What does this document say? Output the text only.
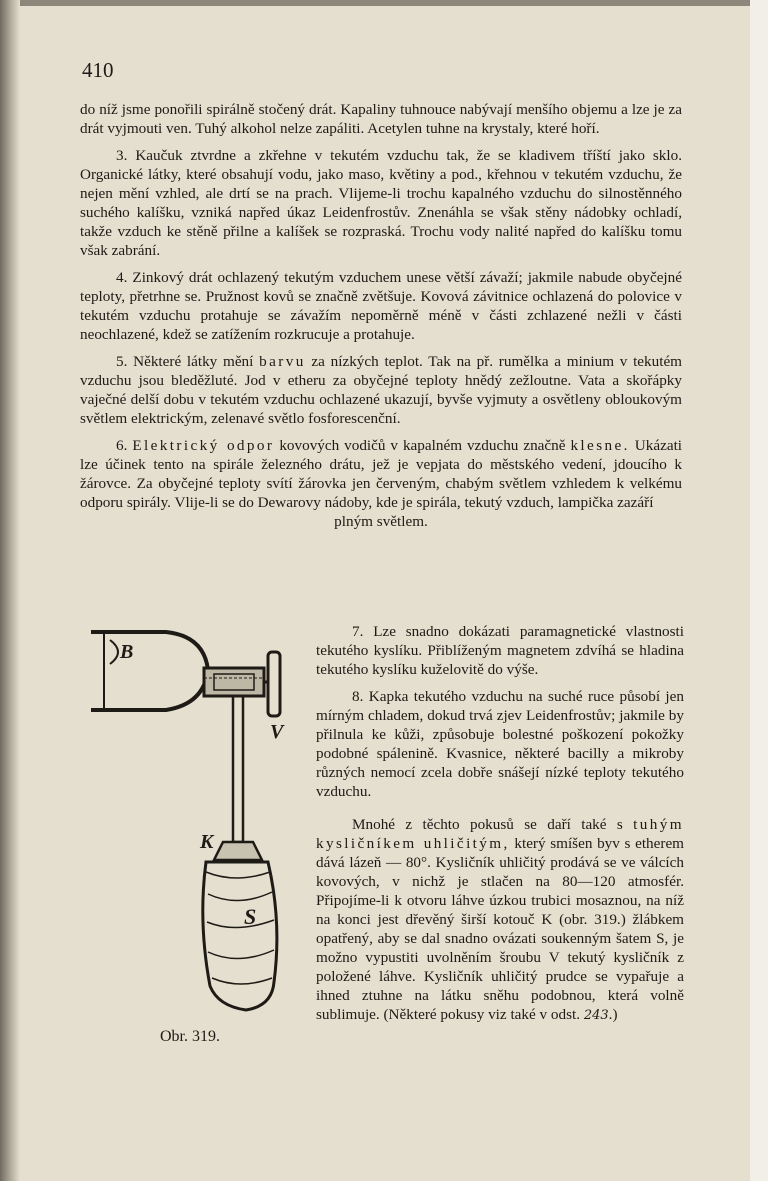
410

do níž jsme ponořili spirálně stočený drát. Kapaliny tuhnouce nabývají menšího objemu a lze je za drát vyjmouti ven. Tuhý alkohol nelze zapáliti. Acetylen tuhne na krystaly, které hoří.

3. Kaučuk ztvrdne a zkřehne v tekutém vzduchu tak, že se kladivem tříští jako sklo. Organické látky, které obsahují vodu, jako maso, květiny a pod., křehnou v tekutém vzduchu, že nejen mění vzhled, ale drtí se na prach. Vlijeme-li trochu kapalného vzduchu do silnostěnného suchého kalíšku, vzniká napřed úkaz Leidenfrostův. Znenáhla se však stěny nádobky ochladí, takže vzduch ke stěně přilne a kalíšek se rozpraská. Trochu vody nalité napřed do kalíšku tomu však zabrání.

4. Zinkový drát ochlazený tekutým vzduchem unese větší závaží; jakmile nabude obyčejné teploty, přetrhne se. Pružnost kovů se značně zvětšuje. Kovová závitnice ochlazená do polovice v tekutém vzduchu protahuje se závažím nepoměrně méně v části zchlazené nežli v části neochlazené, kdež se zatížením rozkrucuje a protahuje.

5. Některé látky mění barvu za nízkých teplot. Tak na př. rumělka a minium v tekutém vzduchu jsou bleděžluté. Jod v etheru za obyčejné teploty hnědý zežloutne. Vata a skořápky vaječné delší dobu v tekutém vzduchu ochlazené ukazují, byvše vyjmuty a osvětleny obloukovým světlem elektrickým, zelenavé světlo fosforescenční.

6. Elektrický odpor kovových vodičů v kapalném vzduchu značně klesne. Ukázati lze účinek tento na spirále železného drátu, jež je vepjata do městského vedení, jdoucího k žárovce. Za obyčejné teploty svítí žárovka jen červeným, chabým světlem vzhledem k velkému odporu spirály. Vlije-li se do Dewarovy nádoby, kde je spirála, tekutý vzduch, lampička zazáří

plným světlem.

B
V
K
S
Obr. 319.

7. Lze snadno dokázati paramagnetické vlastnosti tekutého kyslíku. Přiblíženým magnetem zdvíhá se hladina tekutého kyslíku kuželovitě do výše.

8. Kapka tekutého vzduchu na suché ruce působí jen mírným chladem, dokud trvá zjev Leidenfrostův; jakmile by přilnula ke kůži, způsobuje bolestné poškození pokožky podobné spálenině. Kvasnice, některé bacilly a mikroby různých nemocí zcela dobře snášejí nízké teploty tekutého vzduchu.

Mnohé z těchto pokusů se daří také s tuhým kysličníkem uhličitým, který smíšen byv s etherem dává lázeň — 80°. Kysličník uhličitý prodává se ve válcích kovových, v nichž je stlačen na 80—120 atmosfér. Připojíme-li k otvoru láhve úzkou trubici mosaznou, na níž na konci jest dřevěný širší kotouč K (obr. 319.) žlábkem opatřený, aby se dal snadno ovázati soukenným šatem S, je možno vypustiti uvolněním šroubu V tekutý kysličník z položené láhve. Kysličník uhličitý prudce se vypařuje a ihned ztuhne na látku sněhu podobnou, která volně sublimuje. (Některé pokusy viz také v odst. 243.)
